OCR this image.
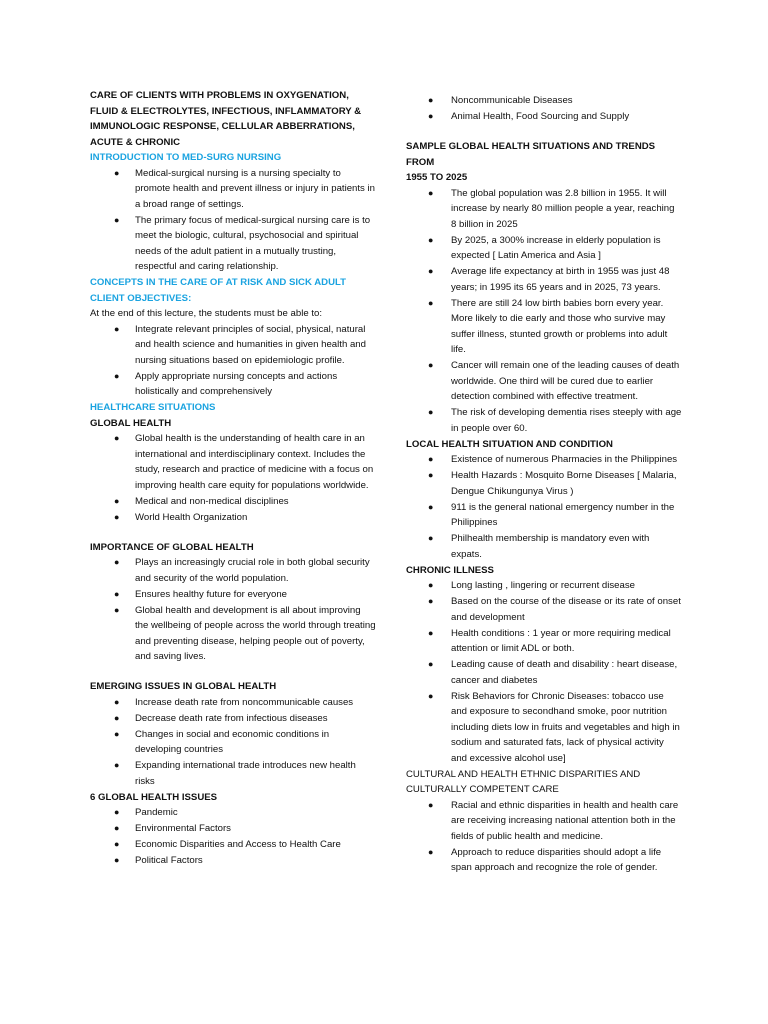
CARE OF CLIENTS WITH PROBLEMS IN OXYGENATION,

FLUID & ELECTROLYTES, INFECTIOUS, INFLAMMATORY &

IMMUNOLOGIC RESPONSE, CELLULAR ABBERRATIONS,

ACUTE & CHRONIC

INTRODUCTION TO MED-SURG NURSING

● Medical-surgical nursing is a nursing specialty to promote health and prevent illness or injury in patients in a broad range of settings.
● The primary focus of medical-surgical nursing care is to meet the biologic, cultural, psychosocial and spiritual needs of the adult patient in a mutually trusting, respectful and caring relationship.

CONCEPTS IN THE CARE OF AT RISK AND SICK ADULT

CLIENT OBJECTIVES:

At the end of this lecture, the students must be able to:

● Integrate relevant principles of social, physical, natural and health science and humanities in given health and nursing situations based on epidemiologic profile.
● Apply appropriate nursing concepts and actions holistically and comprehensively

HEALTHCARE SITUATIONS

GLOBAL HEALTH

● Global health is the understanding of health care in an international and interdisciplinary context. Includes the study, research and practice of medicine with a focus on improving health care equity for populations worldwide.
● Medical and non-medical disciplines
● World Health Organization

IMPORTANCE OF GLOBAL HEALTH

● Plays an increasingly crucial role in both global security and security of the world population.
● Ensures healthy future for everyone
● Global health and development is all about improving the wellbeing of people across the world through treating and preventing disease, helping people out of poverty, and saving lives.

EMERGING ISSUES IN GLOBAL HEALTH

● Increase death rate from noncommunicable causes
● Decrease death rate from infectious diseases
● Changes in social and economic conditions in developing countries
● Expanding international trade introduces new health risks

6 GLOBAL HEALTH ISSUES

● Pandemic
● Environmental Factors
● Economic Disparities and Access to Health Care
● Political Factors
● Noncommunicable Diseases
● Animal Health, Food Sourcing and Supply

SAMPLE GLOBAL HEALTH SITUATIONS AND TRENDS FROM

1955 TO 2025

● The global population was 2.8 billion in 1955. It will increase by nearly 80 million people a year, reaching 8 billion in 2025
● By 2025, a 300% increase in elderly population is expected [ Latin America and Asia ]
● Average life expectancy at birth in 1955 was just 48 years; in 1995 its 65 years and in 2025, 73 years.
● There are still 24 low birth babies born every year. More likely to die early and those who survive may suffer illness, stunted growth or problems into adult life.
● Cancer will remain one of the leading causes of death worldwide. One third will be cured due to earlier detection combined with effective treatment.
● The risk of developing dementia rises steeply with age in people over 60.

LOCAL HEALTH SITUATION AND CONDITION

● Existence of numerous Pharmacies in the Philippines
● Health Hazards : Mosquito Borne Diseases [ Malaria, Dengue Chikungunya Virus )
● 911 is the general national emergency number in the Philippines
● Philhealth membership is mandatory even with expats.

CHRONIC ILLNESS

● Long lasting , lingering or recurrent disease
● Based on the course of the disease or its rate of onset and development
● Health conditions : 1 year or more requiring medical attention or limit ADL or both.
● Leading cause of death and disability : heart disease, cancer and diabetes
● Risk Behaviors for Chronic Diseases: tobacco use and exposure to secondhand smoke, poor nutrition including diets low in fruits and vegetables and high in sodium and saturated fats, lack of physical activity and excessive alcohol use]

CULTURAL AND HEALTH ETHNIC DISPARITIES AND

CULTURALLY COMPETENT CARE

● Racial and ethnic disparities in health and health care are receiving increasing national attention both in the fields of public health and medicine.
● Approach to reduce disparities should adopt a life span approach and recognize the role of gender.
